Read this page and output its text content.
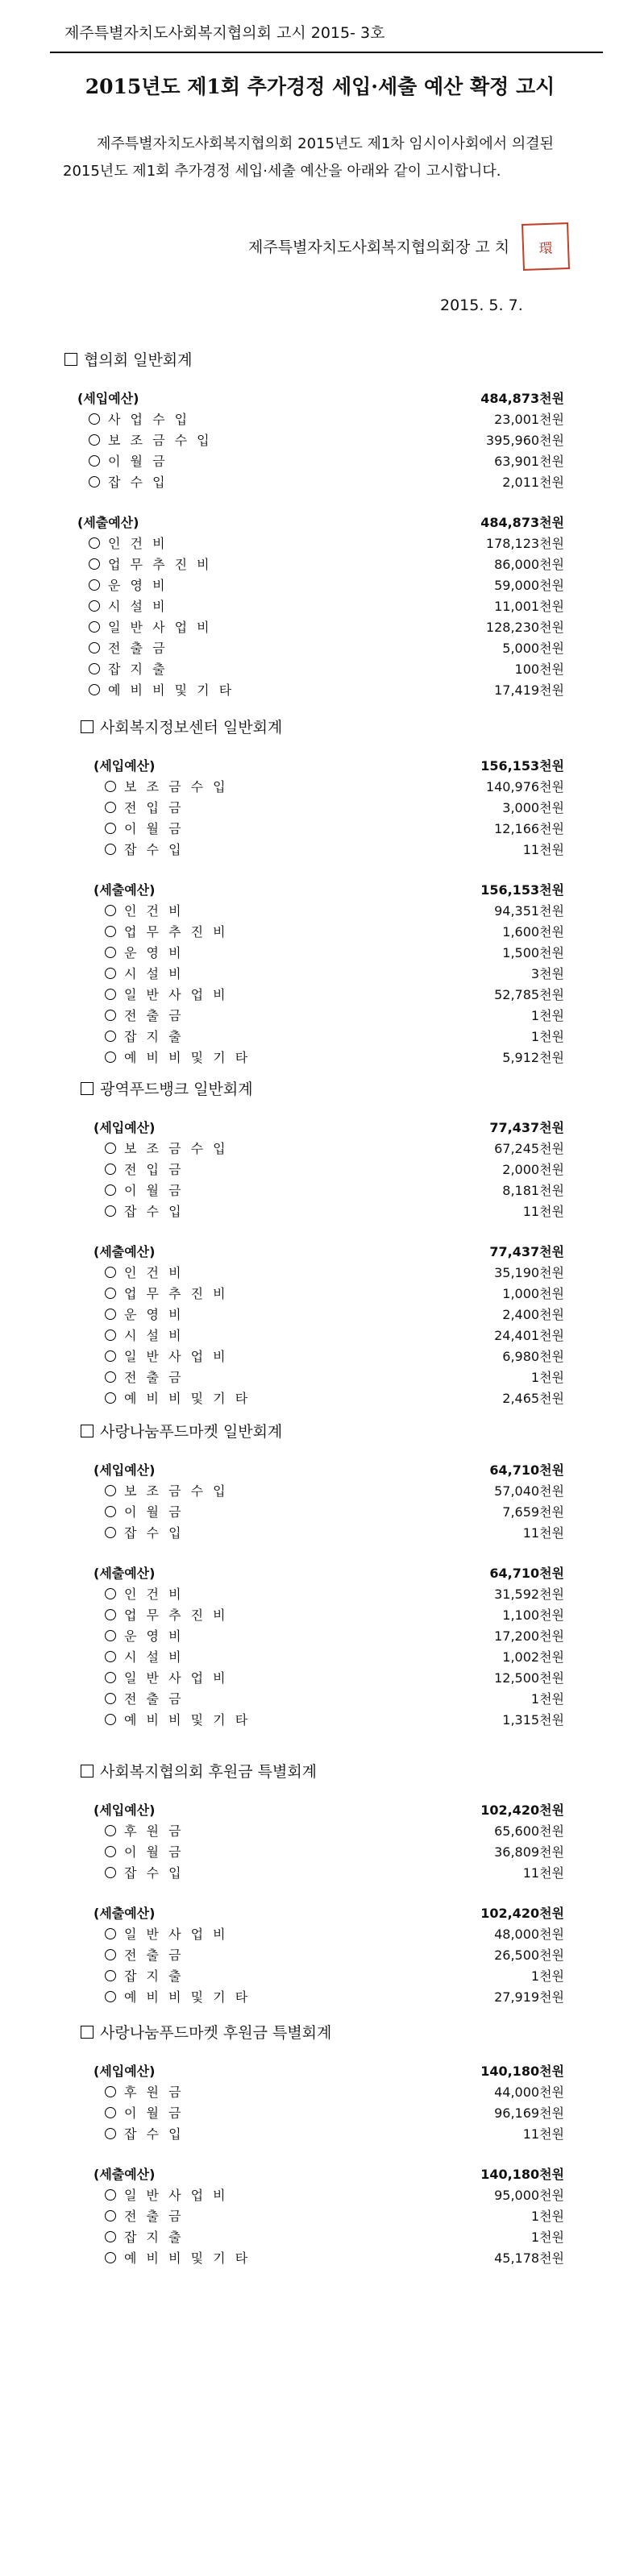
제주특별자치도사회복지협의회 고시 2015- 3호
2015년도 제1회 추가경정 세입·세출 예산 확정 고시
제주특별자치도사회복지협의회 2015년도 제1차 임시이사회에서 의결된 2015년도 제1회 추가경정 세입·세출 예산을 아래와 같이 고시합니다.
제주특별자치도사회복지협의회장 고 치	環
2015. 5. 7.
협의회 일반회계
(세입예산)	484,873천원
사 업 수 입	23,001천원
보 조 금 수 입	395,960천원
이 월 금	63,901천원
잡 수 입	2,011천원
(세출예산)	484,873천원
인 건 비	178,123천원
업 무 추 진 비	86,000천원
운 영 비	59,000천원
시 설 비	11,001천원
일 반 사 업 비	128,230천원
전 출 금	5,000천원
잡 지 출	100천원
예 비 비 및 기 타	17,419천원
사회복지정보센터 일반회계
(세입예산)	156,153천원
보 조 금 수 입	140,976천원
전 입 금	3,000천원
이 월 금	12,166천원
잡 수 입	11천원
(세출예산)	156,153천원
인 건 비	94,351천원
업 무 추 진 비	1,600천원
운 영 비	1,500천원
시 설 비	3천원
일 반 사 업 비	52,785천원
전 출 금	1천원
잡 지 출	1천원
예 비 비 및 기 타	5,912천원
광역푸드뱅크 일반회계
(세입예산)	77,437천원
보 조 금 수 입	67,245천원
전 입 금	2,000천원
이 월 금	8,181천원
잡 수 입	11천원
(세출예산)	77,437천원
인 건 비	35,190천원
업 무 추 진 비	1,000천원
운 영 비	2,400천원
시 설 비	24,401천원
일 반 사 업 비	6,980천원
전 출 금	1천원
예 비 비 및 기 타	2,465천원
사랑나눔푸드마켓 일반회계
(세입예산)	64,710천원
보 조 금 수 입	57,040천원
이 월 금	7,659천원
잡 수 입	11천원
(세출예산)	64,710천원
인 건 비	31,592천원
업 무 추 진 비	1,100천원
운 영 비	17,200천원
시 설 비	1,002천원
일 반 사 업 비	12,500천원
전 출 금	1천원
예 비 비 및 기 타	1,315천원
사회복지협의회 후원금 특별회계
(세입예산)	102,420천원
후 원 금	65,600천원
이 월 금	36,809천원
잡 수 입	11천원
(세출예산)	102,420천원
일 반 사 업 비	48,000천원
전 출 금	26,500천원
잡 지 출	1천원
예 비 비 및 기 타	27,919천원
사랑나눔푸드마켓 후원금 특별회계
(세입예산)	140,180천원
후 원 금	44,000천원
이 월 금	96,169천원
잡 수 입	11천원
(세출예산)	140,180천원
일 반 사 업 비	95,000천원
전 출 금	1천원
잡 지 출	1천원
예 비 비 및 기 타	45,178천원
